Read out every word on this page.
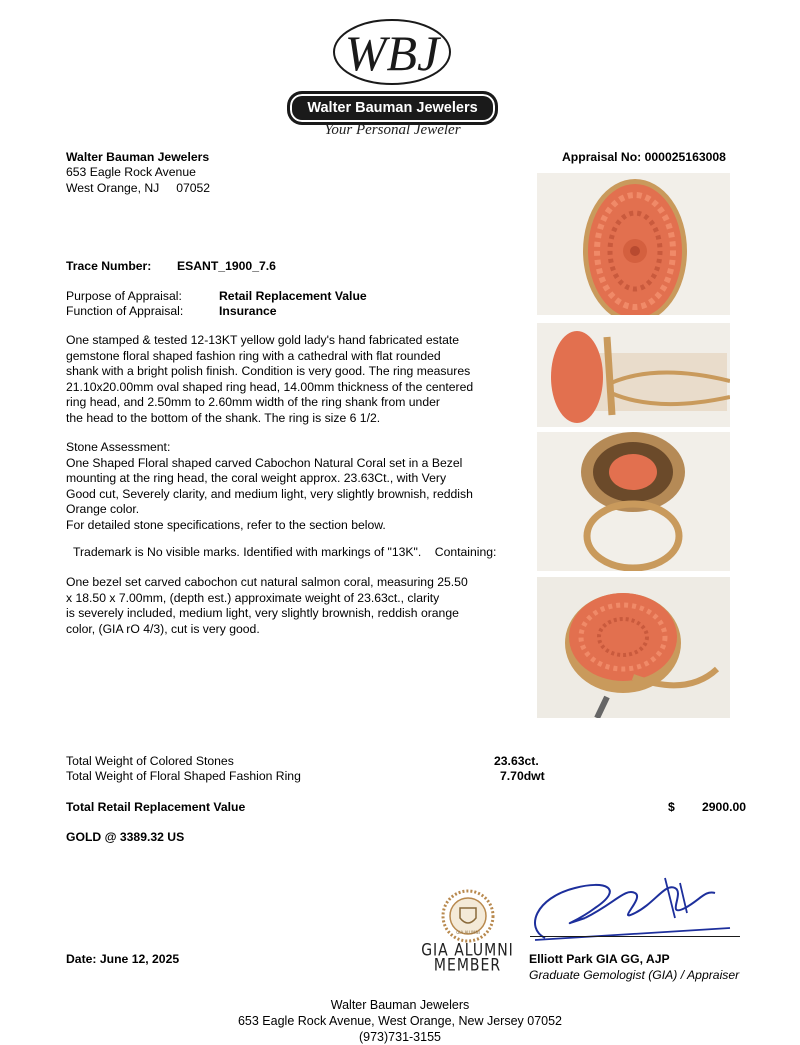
WBJ
Walter Bauman Jewelers
Your Personal Jeweler
Walter Bauman Jewelers
653 Eagle Rock Avenue
West Orange, NJ 07052
Appraisal No: 000025163008
Trace Number: ESANT_1900_7.6
Purpose of Appraisal:	Retail Replacement Value
Function of Appraisal:	Insurance
One stamped & tested 12-13KT yellow gold lady's hand fabricated estate
gemstone floral shaped fashion ring with a cathedral with flat rounded
shank with a bright polish finish. Condition is very good. The ring measures
21.10x20.00mm oval shaped ring head, 14.00mm thickness of the centered
ring head, and 2.50mm to 2.60mm width of the ring shank from under
the head to the bottom of the shank. The ring is size 6 1/2.
Stone Assessment:
One Shaped Floral shaped carved Cabochon Natural Coral set in a Bezel
mounting at the ring head, the coral weight approx. 23.63Ct., with Very
Good cut, Severely clarity, and medium light, very slightly brownish, reddish
Orange color.
For detailed stone specifications, refer to the section below.
Trademark is No visible marks. Identified with markings of "13K".    Containing:
One bezel set carved cabochon cut natural salmon coral, measuring 25.50
x 18.50 x 7.00mm, (depth est.) approximate weight of 23.63ct., clarity
is severely included, medium light, very slightly brownish, reddish orange
color, (GIA rO 4/3), cut is very good.
Total Weight of Colored Stones	23.63ct.
Total Weight of Floral Shaped Fashion Ring	7.70dwt
Total Retail Replacement Value	$ 2900.00
GOLD @ 3389.32 US
Date: June 12, 2025
GIA ALUMNI
GIA ALUMNI
MEMBER	Elliott Park GIA GG, AJP
Graduate Gemologist (GIA) / Appraiser
Walter Bauman Jewelers
653 Eagle Rock Avenue, West Orange, New Jersey 07052
(973)731-3155
